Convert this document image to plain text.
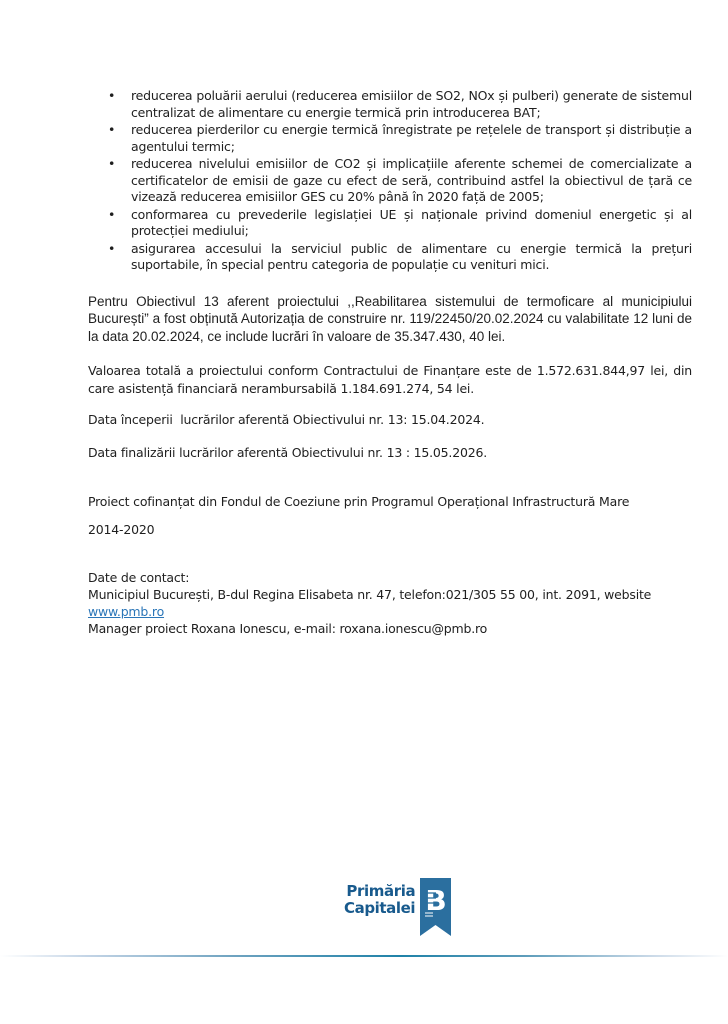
•	reducerea poluării aerului (reducerea emisiilor de SO2, NOx și pulberi) generate de sistemul centralizat de alimentare cu energie termică prin introducerea BAT;
•	reducerea pierderilor cu energie termică înregistrate pe rețelele de transport și distribuție a agentului termic;
•	reducerea nivelului emisiilor de CO2 și implicațiile aferente schemei de comercializate a certificatelor de emisii de gaze cu efect de seră, contribuind astfel la obiectivul de țară ce vizează reducerea emisiilor GES cu 20% până în 2020 față de 2005;
•	conformarea cu prevederile legislației UE și naționale privind domeniul energetic și al protecției mediului;
•	asigurarea accesului la serviciul public de alimentare cu energie termică la prețuri suportabile, în special pentru categoria de populație cu venituri mici.

Pentru Obiectivul 13 aferent proiectului ,,Reabilitarea sistemului de termoficare al municipiului București” a fost obținută Autorizația de construire nr. 119/22450/20.02.2024 cu valabilitate 12 luni de la data 20.02.2024, ce include lucrări în valoare de 35.347.430, 40 lei.

Valoarea totală a proiectului conform Contractului de Finanțare este de 1.572.631.844,97 lei, din care asistență financiară nerambursabilă 1.184.691.274, 54 lei.

Data începerii  lucrărilor aferentă Obiectivului nr. 13: 15.04.2024.

Data finalizării lucrărilor aferentă Obiectivului nr. 13 : 15.05.2026.

Proiect cofinanțat din Fondul de Coeziune prin Programul Operațional Infrastructură Mare
2014-2020

Date de contact:
Municipiul București, B-dul Regina Elisabeta nr. 47, telefon:021/305 55 00, int. 2091, website
www.pmb.ro
Manager proiect Roxana Ionescu, e-mail: roxana.ionescu@pmb.ro
Primăria
Capitalei B
